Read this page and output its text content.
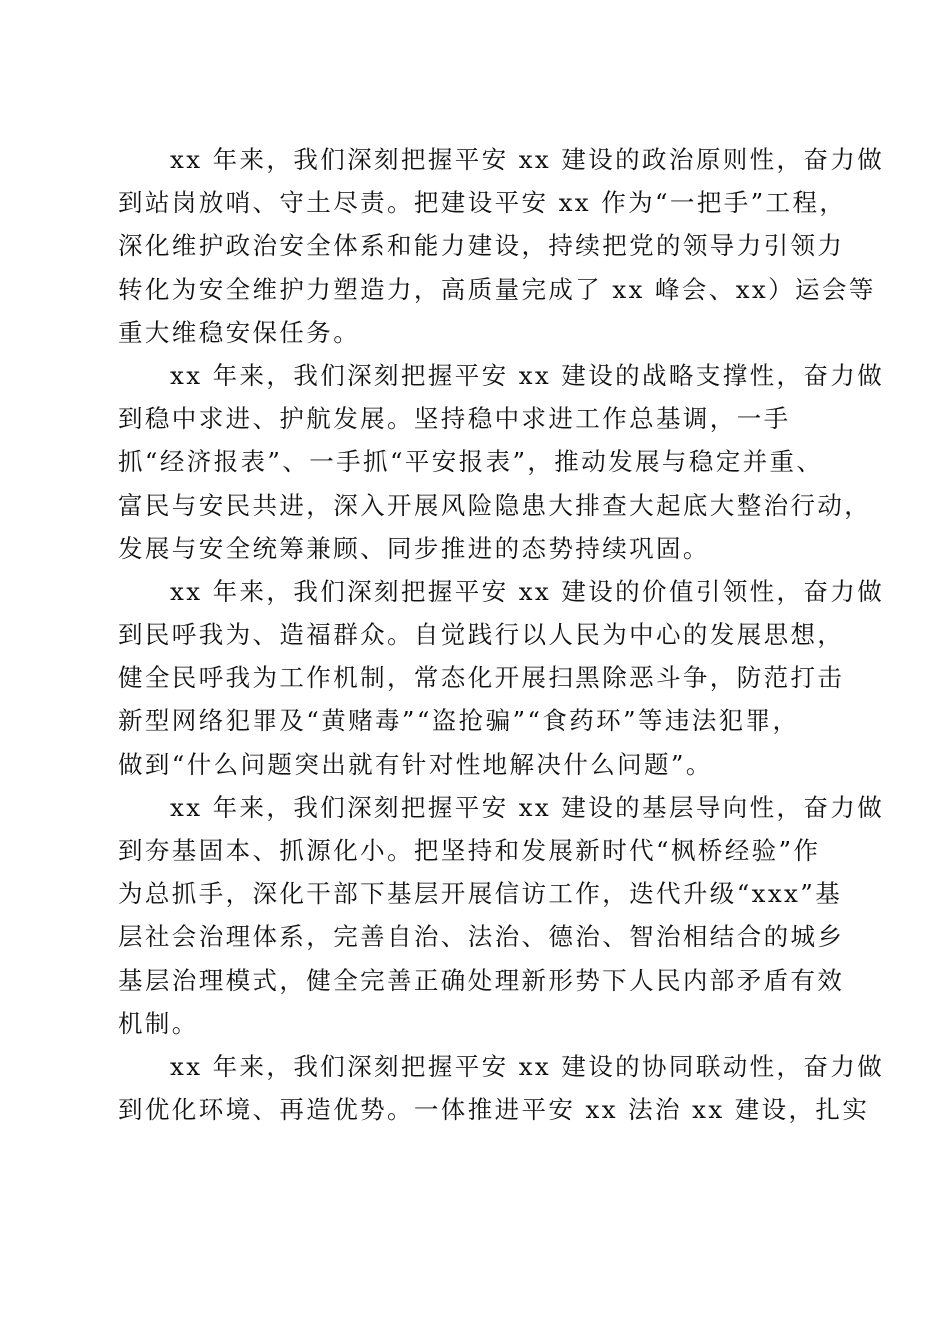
xx 年来，我们深刻把握平安 xx 建设的政治原则性，奋力做
到站岗放哨、守土尽责。把建设平安 xx 作为“一把手”工程，
深化维护政治安全体系和能力建设，持续把党的领导力引领力
转化为安全维护力塑造力，高质量完成了 xx 峰会、xx）运会等
重大维稳安保任务。
xx 年来，我们深刻把握平安 xx 建设的战略支撑性，奋力做
到稳中求进、护航发展。坚持稳中求进工作总基调，一手
抓“经济报表”、一手抓“平安报表”，推动发展与稳定并重、
富民与安民共进，深入开展风险隐患大排查大起底大整治行动，
发展与安全统筹兼顾、同步推进的态势持续巩固。
xx 年来，我们深刻把握平安 xx 建设的价值引领性，奋力做
到民呼我为、造福群众。自觉践行以人民为中心的发展思想，
健全民呼我为工作机制，常态化开展扫黑除恶斗争，防范打击
新型网络犯罪及“黄赌毒”“盗抢骗”“食药环”等违法犯罪，
做到“什么问题突出就有针对性地解决什么问题”。
xx 年来，我们深刻把握平安 xx 建设的基层导向性，奋力做
到夯基固本、抓源化小。把坚持和发展新时代“枫桥经验”作
为总抓手，深化干部下基层开展信访工作，迭代升级“xxx”基
层社会治理体系，完善自治、法治、德治、智治相结合的城乡
基层治理模式，健全完善正确处理新形势下人民内部矛盾有效
机制。
xx 年来，我们深刻把握平安 xx 建设的协同联动性，奋力做
到优化环境、再造优势。一体推进平安 xx 法治 xx 建设，扎实
